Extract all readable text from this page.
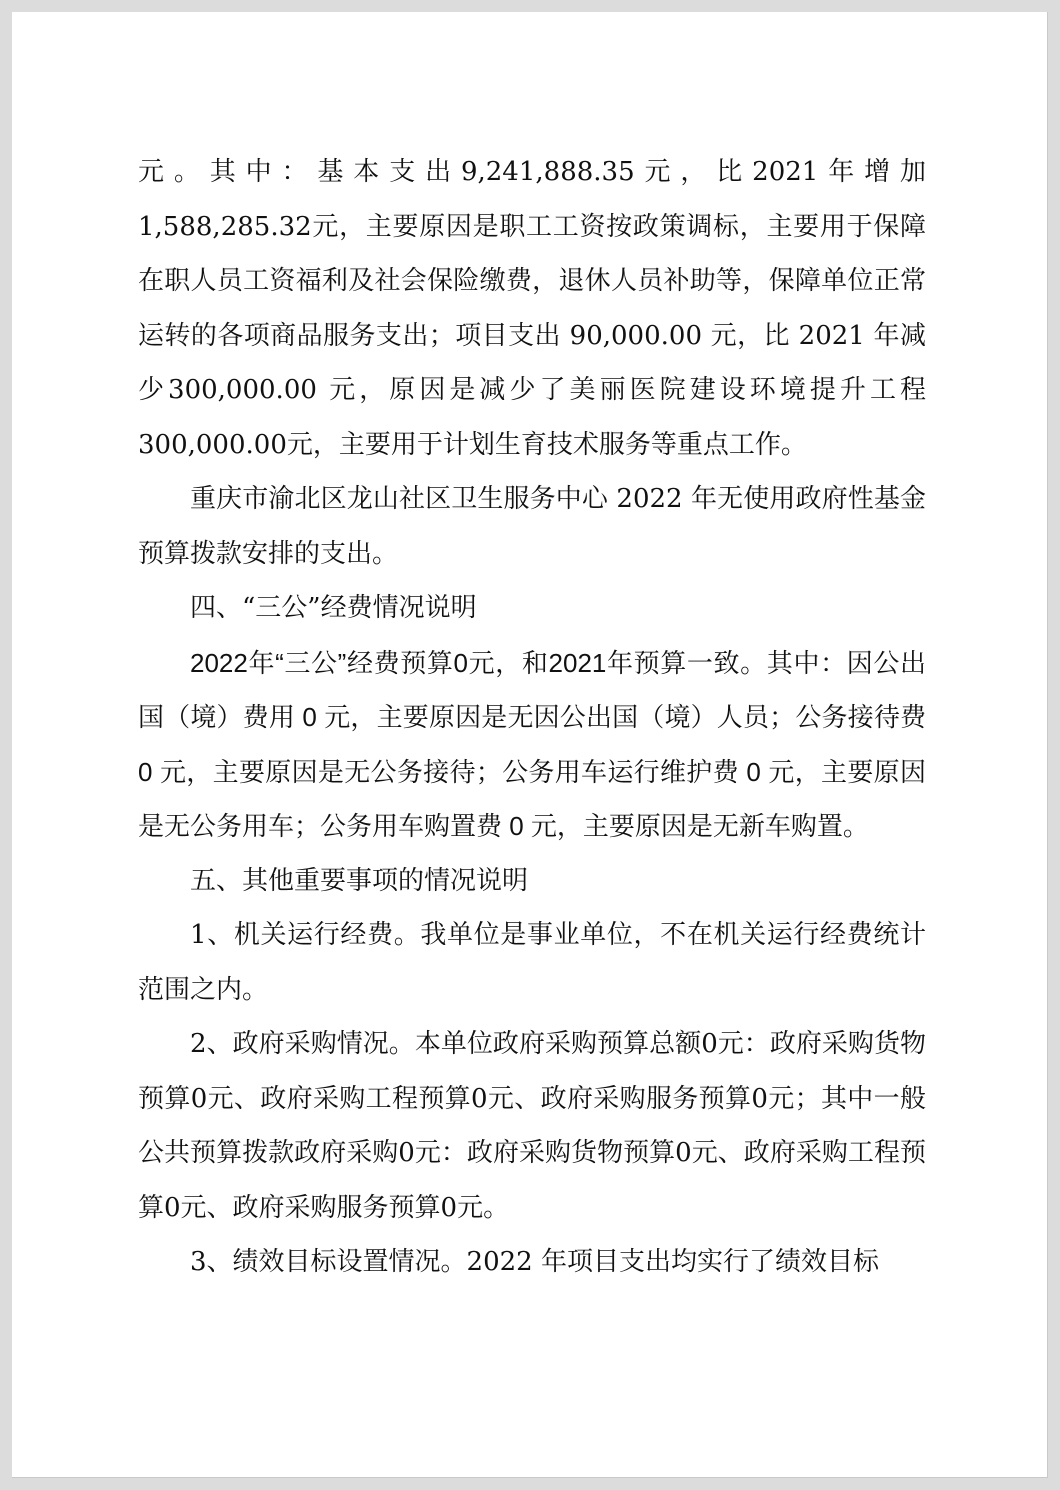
元。其中：基本支出9,241,888.35元，比2021年增加1,588,285.32元，主要原因是职工工资按政策调标，主要用于保障在职人员工资福利及社会保险缴费，退休人员补助等，保障单位正常运转的各项商品服务支出；项目支出 90,000.00 元，比 2021 年减少300,000.00 元，原因是减少了美丽医院建设环境提升工程300,000.00元，主要用于计划生育技术服务等重点工作。

重庆市渝北区龙山社区卫生服务中心 2022 年无使用政府性基金预算拨款安排的支出。

四、“三公”经费情况说明

2022年“三公”经费预算0元，和2021年预算一致。其中：因公出国（境）费用 0 元，主要原因是无因公出国（境）人员；公务接待费 0 元，主要原因是无公务接待；公务用车运行维护费 0 元，主要原因是无公务用车；公务用车购置费 0 元，主要原因是无新车购置。

五、其他重要事项的情况说明

1、机关运行经费。我单位是事业单位，不在机关运行经费统计范围之内。

2、政府采购情况。本单位政府采购预算总额0元：政府采购货物预算0元、政府采购工程预算0元、政府采购服务预算0元；其中一般公共预算拨款政府采购0元：政府采购货物预算0元、政府采购工程预算0元、政府采购服务预算0元。

3、绩效目标设置情况。2022 年项目支出均实行了绩效目标
